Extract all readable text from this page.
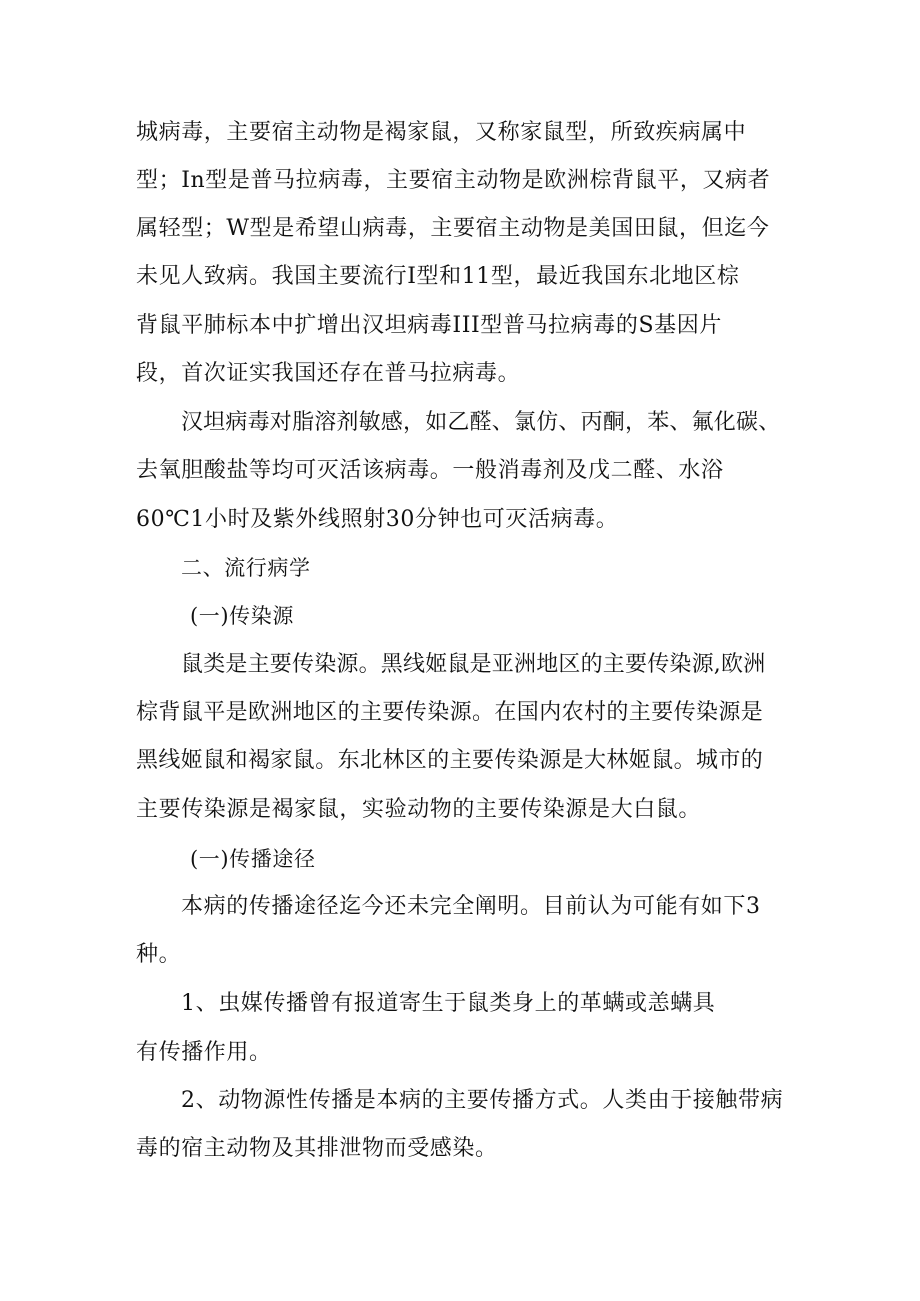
城病毒，主要宿主动物是褐家鼠，又称家鼠型，所致疾病属中
型；In型是普马拉病毒，主要宿主动物是欧洲棕背鼠平，又病者
属轻型；W型是希望山病毒，主要宿主动物是美国田鼠，但迄今
未见人致病。我国主要流行Ⅰ型和11型，最近我国东北地区棕
背鼠平肺标本中扩增出汉坦病毒III型普马拉病毒的S基因片
段，首次证实我国还存在普马拉病毒。
汉坦病毒对脂溶剂敏感，如乙醛、氯仿、丙酮，苯、氟化碳、
去氧胆酸盐等均可灭活该病毒。一般消毒剂及戊二醛、水浴
60℃1小时及紫外线照射30分钟也可灭活病毒。
二、流行病学
(一)传染源
鼠类是主要传染源。黑线姬鼠是亚洲地区的主要传染源,欧洲
棕背鼠平是欧洲地区的主要传染源。在国内农村的主要传染源是
黑线姬鼠和褐家鼠。东北林区的主要传染源是大林姬鼠。城市的
主要传染源是褐家鼠，实验动物的主要传染源是大白鼠。
(一)传播途径
本病的传播途径迄今还未完全阐明。目前认为可能有如下3
种。
1、虫媒传播曾有报道寄生于鼠类身上的革螨或恙螨具
有传播作用。
2、动物源性传播是本病的主要传播方式。人类由于接触带病
毒的宿主动物及其排泄物而受感染。
